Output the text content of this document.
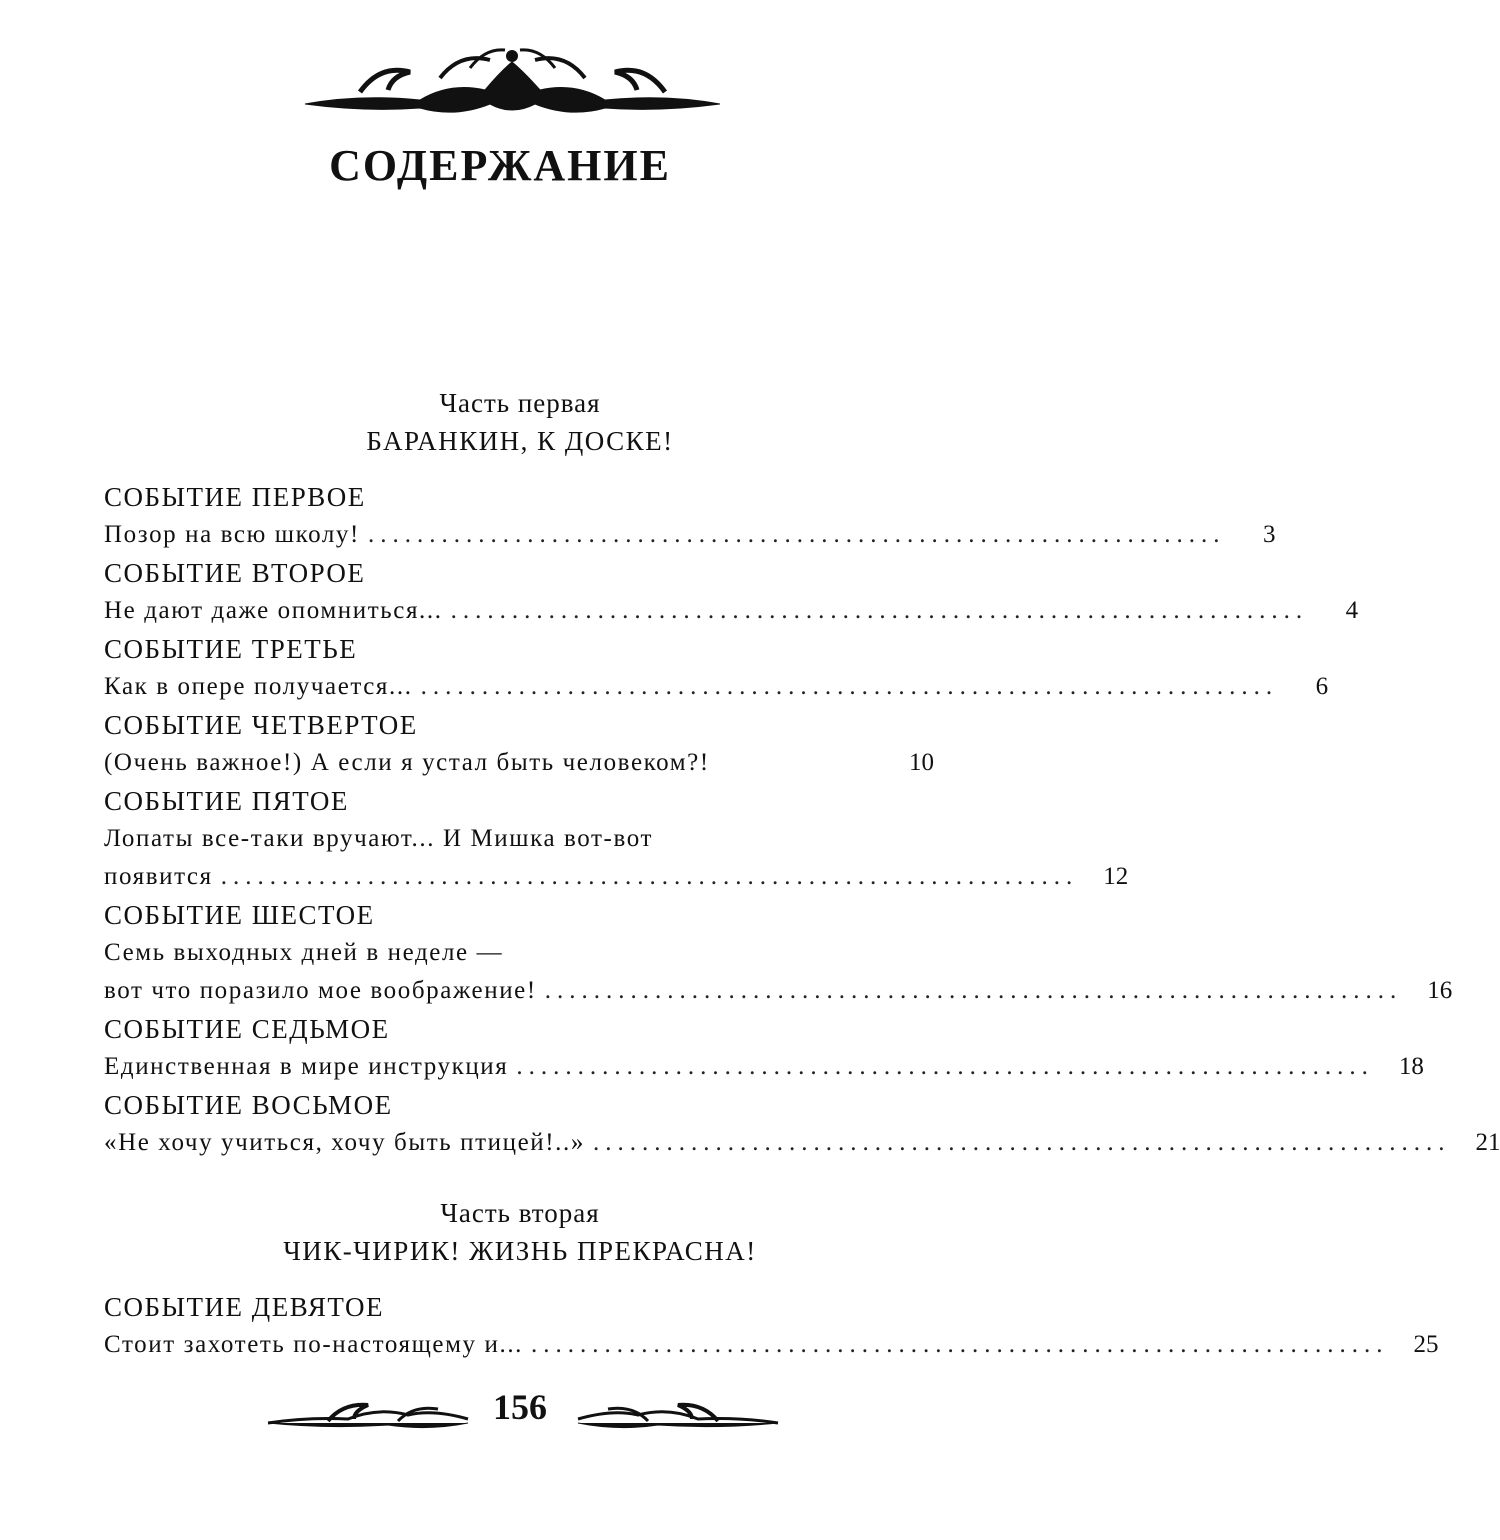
СОДЕРЖАНИЕ
Часть первая
БАРАНКИН, К ДОСКЕ!
СОБЫТИЕ ПЕРВОЕ
Позор на всю школу! ......................................................................	3
СОБЫТИЕ ВТОРОЕ
Не дают даже опомниться... ......................................................................	4
СОБЫТИЕ ТРЕТЬЕ
Как в опере получается... ......................................................................	6
СОБЫТИЕ ЧЕТВЕРТОЕ
(Очень важное!) А если я устал быть человеком?!	10
СОБЫТИЕ ПЯТОЕ
Лопаты все-таки вручают... И Мишка вот-вот
появится ......................................................................	12
СОБЫТИЕ ШЕСТОЕ
Семь выходных дней в неделе —
вот что поразило мое воображение! ......................................................................	16
СОБЫТИЕ СЕДЬМОЕ
Единственная в мире инструкция ......................................................................	18
СОБЫТИЕ ВОСЬМОЕ
«Не хочу учиться, хочу быть птицей!..» ......................................................................	21
Часть вторая
ЧИК-ЧИРИК! ЖИЗНЬ ПРЕКРАСНА!
СОБЫТИЕ ДЕВЯТОЕ
Стоит захотеть по-настоящему и... ......................................................................	25
156
